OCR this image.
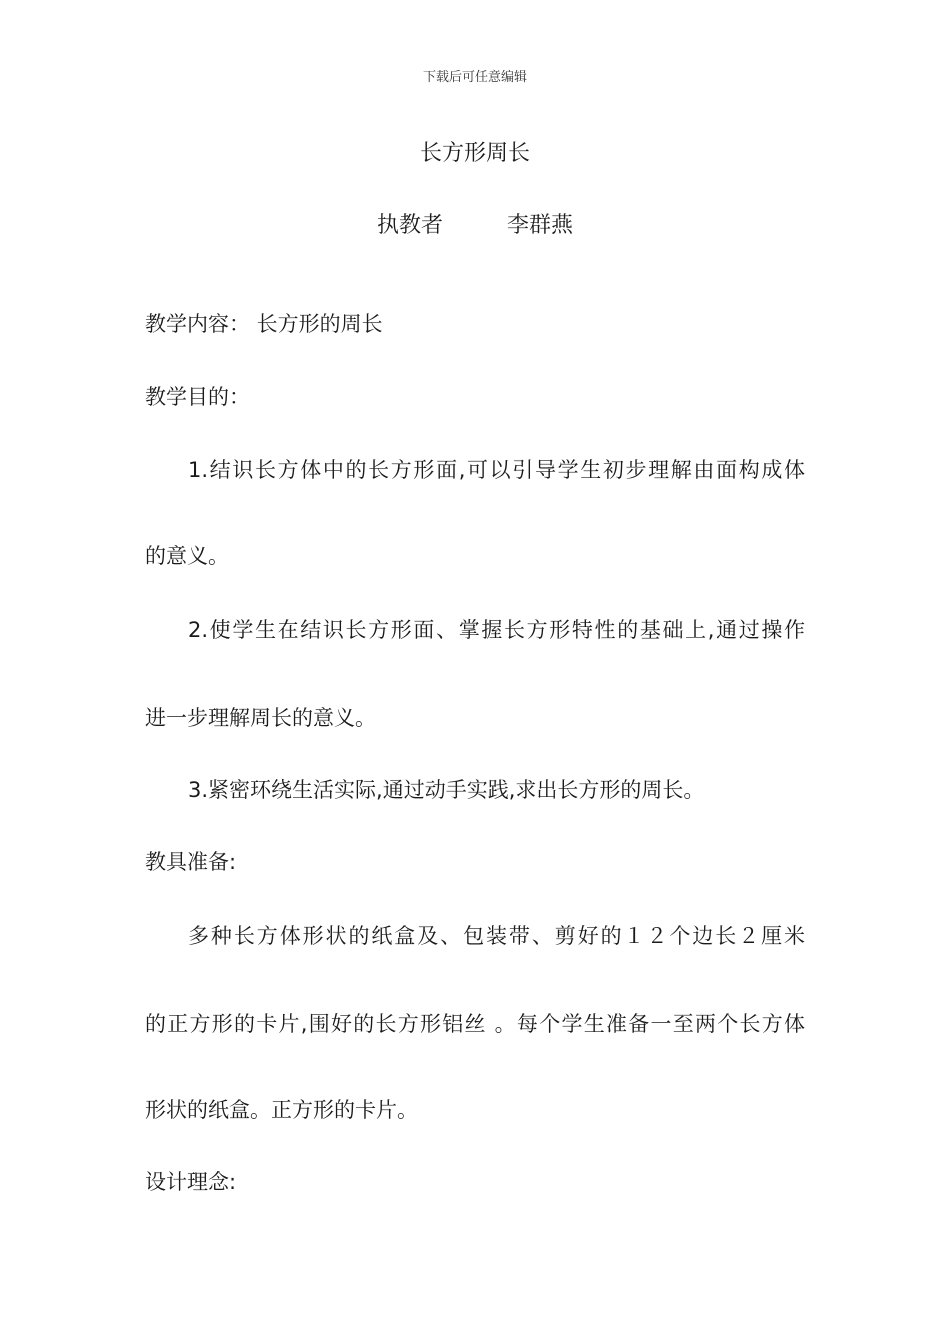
下载后可任意编辑

长方形周长

执教者	李群燕

教学内容： 长方形的周长

教学目的：

1.结识长方体中的长方形面,可以引导学生初步理解由面构成体

的意义。

2.使学生在结识长方形面、掌握长方形特性的基础上,通过操作

进一步理解周长的意义。

3.紧密环绕生活实际,通过动手实践,求出长方形的周长。

教具准备:

多种长方体形状的纸盒及、包装带、剪好的１２个边长２厘米

的正方形的卡片,围好的长方形铝丝 。每个学生准备一至两个长方体

形状的纸盒。正方形的卡片。

设计理念:
